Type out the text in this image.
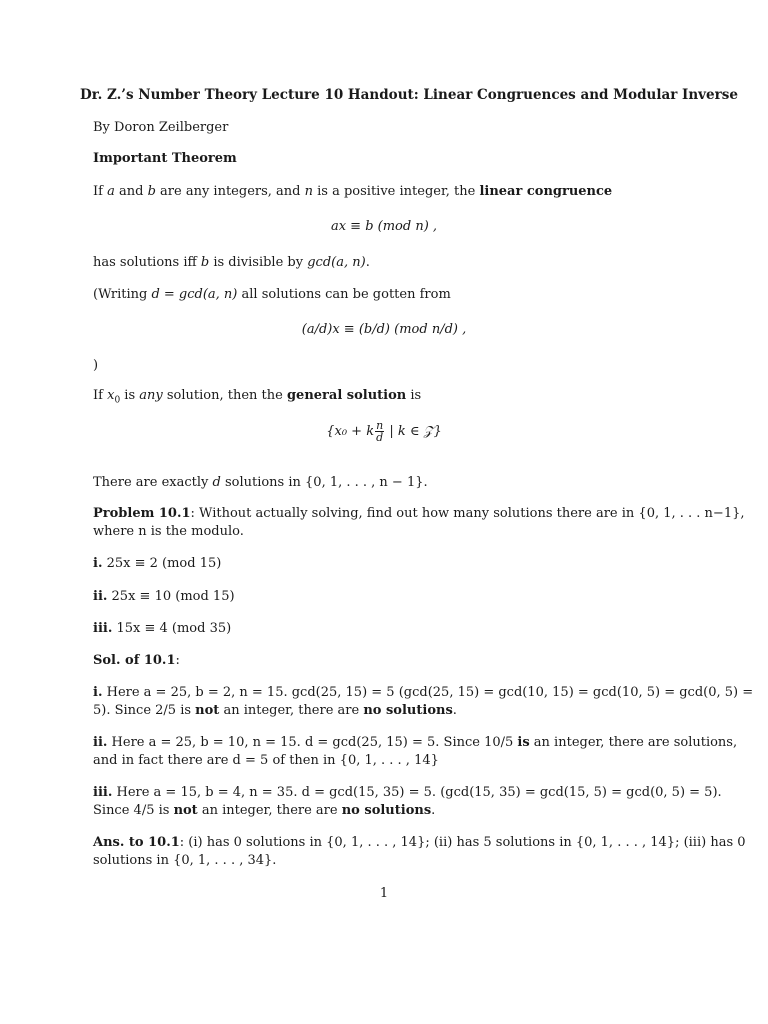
Dr. Z.’s Number Theory Lecture 10 Handout: Linear Congruences and Modular Inverse
By Doron Zeilberger
Important Theorem
If a and b are any integers, and n is a positive integer, the linear congruence
ax ≡ b (mod n) ,
has solutions iff b is divisible by gcd(a, n).
(Writing d = gcd(a, n) all solutions can be gotten from
(a/d)x ≡ (b/d) (mod n/d) ,
)
If $x_0$ is any solution, then the general solution is
{x₀ + k $\frac{n}{d}$ | k ∈ 𝒵}
There are exactly d solutions in {0, 1, . . . , n − 1}.
Problem 10.1: Without actually solving, find out how many solutions there are in {0, 1, . . . n−1},
where n is the modulo.
i. 25x ≡ 2 (mod 15)
ii. 25x ≡ 10 (mod 15)
iii. 15x ≡ 4 (mod 35)
Sol. of 10.1:
i. Here a = 25, b = 2, n = 15. gcd(25, 15) = 5 (gcd(25, 15) = gcd(10, 15) = gcd(10, 5) = gcd(0, 5) =
5). Since 2/5 is not an integer, there are no solutions.
ii. Here a = 25, b = 10, n = 15. d = gcd(25, 15) = 5. Since 10/5 is an integer, there are solutions,
and in fact there are d = 5 of then in {0, 1, . . . , 14}
iii. Here a = 15, b = 4, n = 35. d = gcd(15, 35) = 5. (gcd(15, 35) = gcd(15, 5) = gcd(0, 5) = 5).
Since 4/5 is not an integer, there are no solutions.
Ans. to 10.1: (i) has 0 solutions in {0, 1, . . . , 14}; (ii) has 5 solutions in {0, 1, . . . , 14}; (iii) has 0
solutions in {0, 1, . . . , 34}.
1
